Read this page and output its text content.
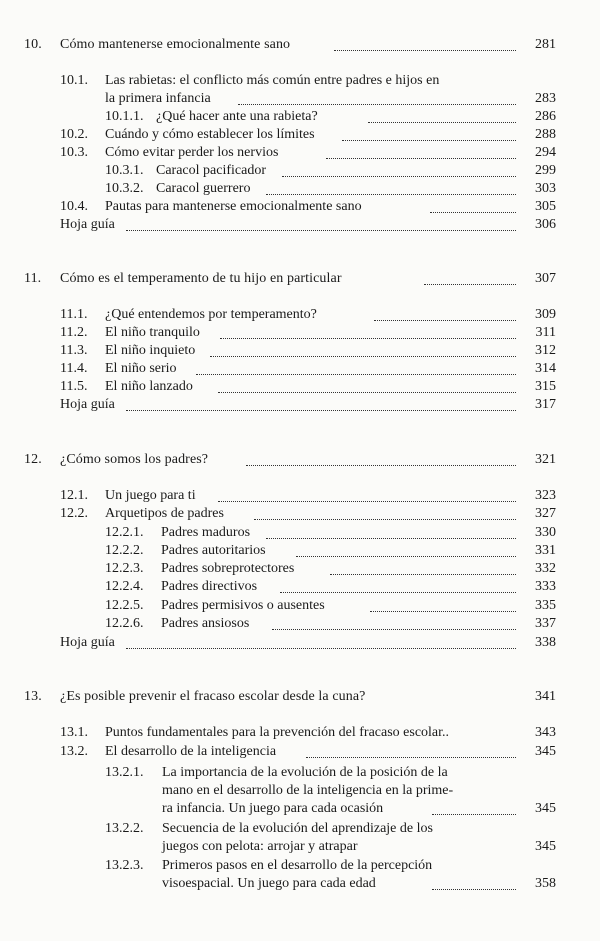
10. Cómo mantenerse emocionalmente sano	281
10.1. Las rabietas: el conflicto más común entre padres e hijos en
la primera infancia	283
10.1.1. ¿Qué hacer ante una rabieta?	286
10.2. Cuándo y cómo establecer los límites	288
10.3. Cómo evitar perder los nervios	294
10.3.1. Caracol pacificador	299
10.3.2. Caracol guerrero	303
10.4. Pautas para mantenerse emocionalmente sano	305
Hoja guía	306
11. Cómo es el temperamento de tu hijo en particular	307
11.1. ¿Qué entendemos por temperamento?	309
11.2. El niño tranquilo	311
11.3. El niño inquieto	312
11.4. El niño serio	314
11.5. El niño lanzado	315
Hoja guía	317
12. ¿Cómo somos los padres?	321
12.1. Un juego para ti	323
12.2. Arquetipos de padres	327
12.2.1. Padres maduros	330
12.2.2. Padres autoritarios	331
12.2.3. Padres sobreprotectores	332
12.2.4. Padres directivos	333
12.2.5. Padres permisivos o ausentes	335
12.2.6. Padres ansiosos	337
Hoja guía	338
13. ¿Es posible prevenir el fracaso escolar desde la cuna?	341
13.1. Puntos fundamentales para la prevención del fracaso escolar..	343
13.2. El desarrollo de la inteligencia	345
13.2.1. La importancia de la evolución de la posición de la
mano en el desarrollo de la inteligencia en la prime-
ra infancia. Un juego para cada ocasión	345
13.2.2. Secuencia de la evolución del aprendizaje de los
juegos con pelota: arrojar y atrapar	345
13.2.3. Primeros pasos en el desarrollo de la percepción
visoespacial. Un juego para cada edad	358
